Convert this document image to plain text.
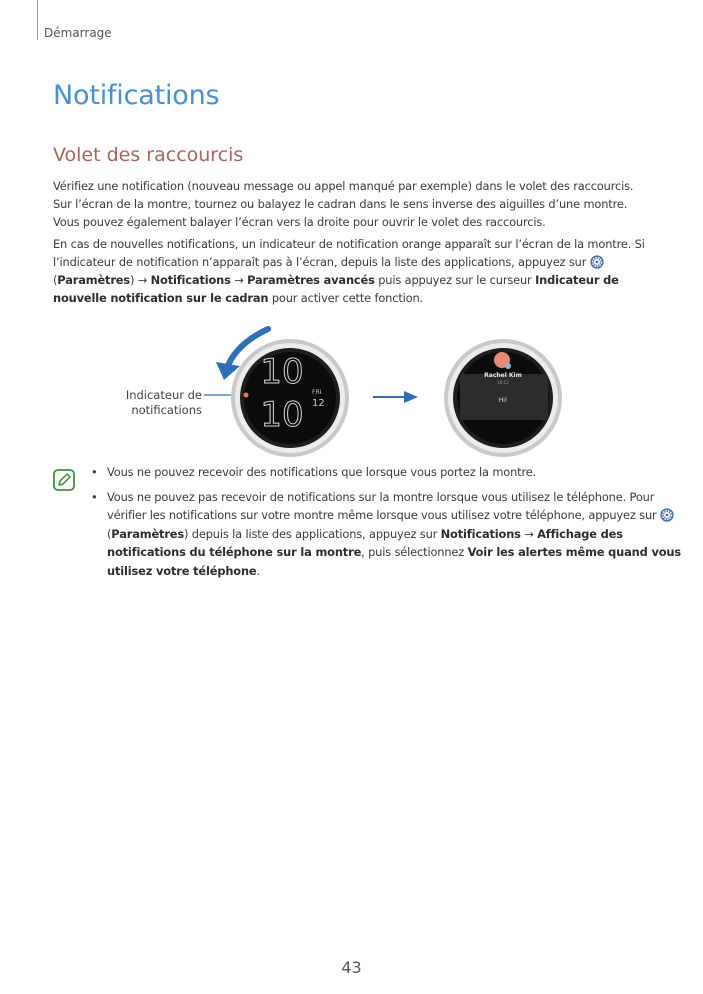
Démarrage
Notifications
Volet des raccourcis

Vérifiez une notification (nouveau message ou appel manqué par exemple) dans le volet des raccourcis. Sur l’écran de la montre, tournez ou balayez le cadran dans le sens inverse des aiguilles d’une montre. Vous pouvez également balayer l’écran vers la droite pour ouvrir le volet des raccourcis.

En cas de nouvelles notifications, un indicateur de notification orange apparaît sur l’écran de la montre. Si l’indicateur de notification n’apparaît pas à l’écran, depuis la liste des applications, appuyez sur  (Paramètres) → Notifications → Paramètres avancés puis appuyez sur le curseur Indicateur de nouvelle notification sur le cadran pour activer cette fonction.

Indicateur de notifications
10
10
FRI
12
Rachel Kim
10:12
Hi!
• Vous ne pouvez recevoir des notifications que lorsque vous portez la montre.
• Vous ne pouvez pas recevoir de notifications sur la montre lorsque vous utilisez le téléphone. Pour vérifier les notifications sur votre montre même lorsque vous utilisez votre téléphone, appuyez sur  (Paramètres) depuis la liste des applications, appuyez sur Notifications → Affichage des notifications du téléphone sur la montre, puis sélectionnez Voir les alertes même quand vous utilisez votre téléphone.
43
